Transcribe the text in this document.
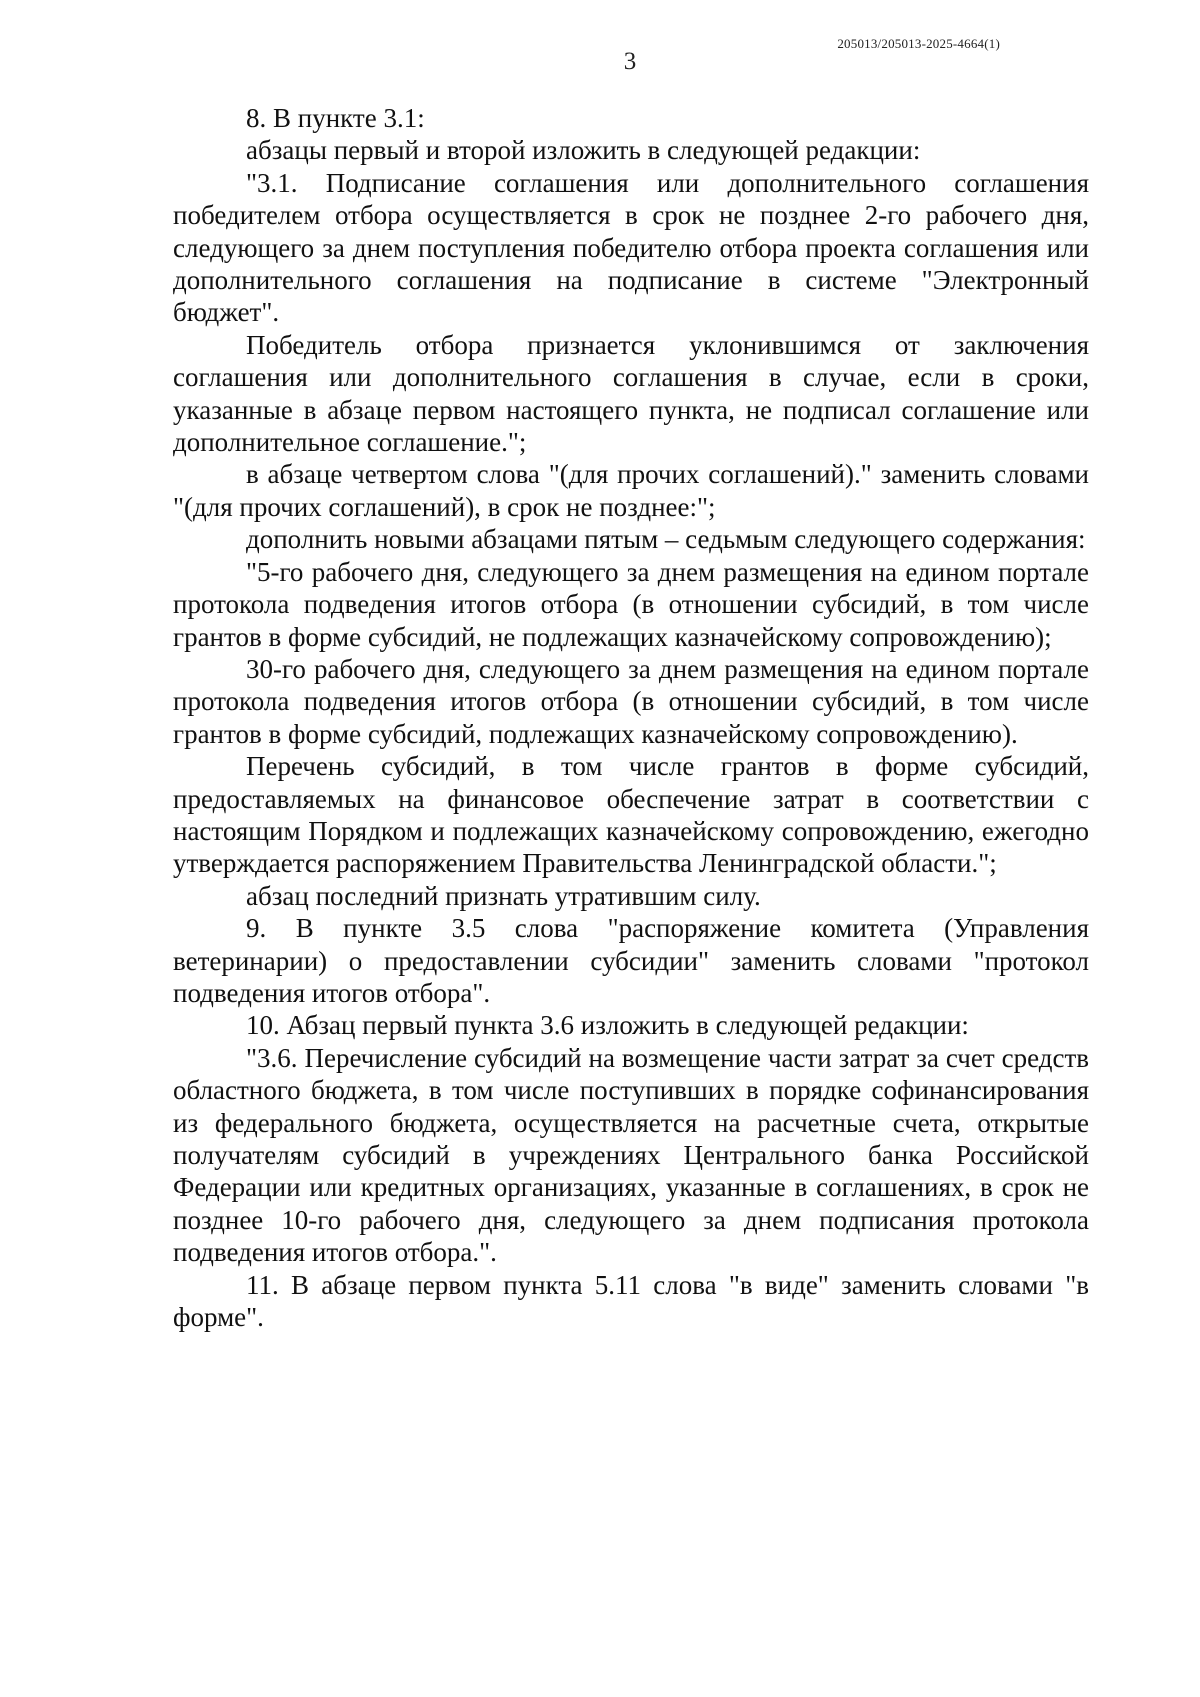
205013/205013-2025-4664(1)
3

8. В пункте 3.1:

абзацы первый и второй изложить в следующей редакции:

"3.1. Подписание соглашения или дополнительного соглашения победителем отбора осуществляется в срок не позднее 2-го рабочего дня, следующего за днем поступления победителю отбора проекта соглашения или дополнительного соглашения на подписание в системе "Электронный бюджет".

Победитель отбора признается уклонившимся от заключения соглашения или дополнительного соглашения в случае, если в сроки, указанные в абзаце первом настоящего пункта, не подписал соглашение или дополнительное соглашение.";

в абзаце четвертом слова "(для прочих соглашений)." заменить словами "(для прочих соглашений), в срок не позднее:";

дополнить новыми абзацами пятым – седьмым следующего содержания:

"5-го рабочего дня, следующего за днем размещения на едином портале протокола подведения итогов отбора (в отношении субсидий, в том числе грантов в форме субсидий, не подлежащих казначейскому сопровождению);

30-го рабочего дня, следующего за днем размещения на едином портале протокола подведения итогов отбора (в отношении субсидий, в том числе грантов в форме субсидий, подлежащих казначейскому сопровождению).

Перечень субсидий, в том числе грантов в форме субсидий, предоставляемых на финансовое обеспечение затрат в соответствии с настоящим Порядком и подлежащих казначейскому сопровождению, ежегодно утверждается распоряжением Правительства Ленинградской области.";

абзац последний признать утратившим силу.

9. В пункте 3.5 слова "распоряжение комитета (Управления ветеринарии) о предоставлении субсидии" заменить словами "протокол подведения итогов отбора".

10. Абзац первый пункта 3.6 изложить в следующей редакции:

"3.6. Перечисление субсидий на возмещение части затрат за счет средств областного бюджета, в том числе поступивших в порядке софинансирования из федерального бюджета, осуществляется на расчетные счета, открытые получателям субсидий в учреждениях Центрального банка Российской Федерации или кредитных организациях, указанные в соглашениях, в срок не позднее 10-го рабочего дня, следующего за днем подписания протокола подведения итогов отбора.".

11. В абзаце первом пункта 5.11 слова "в виде" заменить словами "в форме".
